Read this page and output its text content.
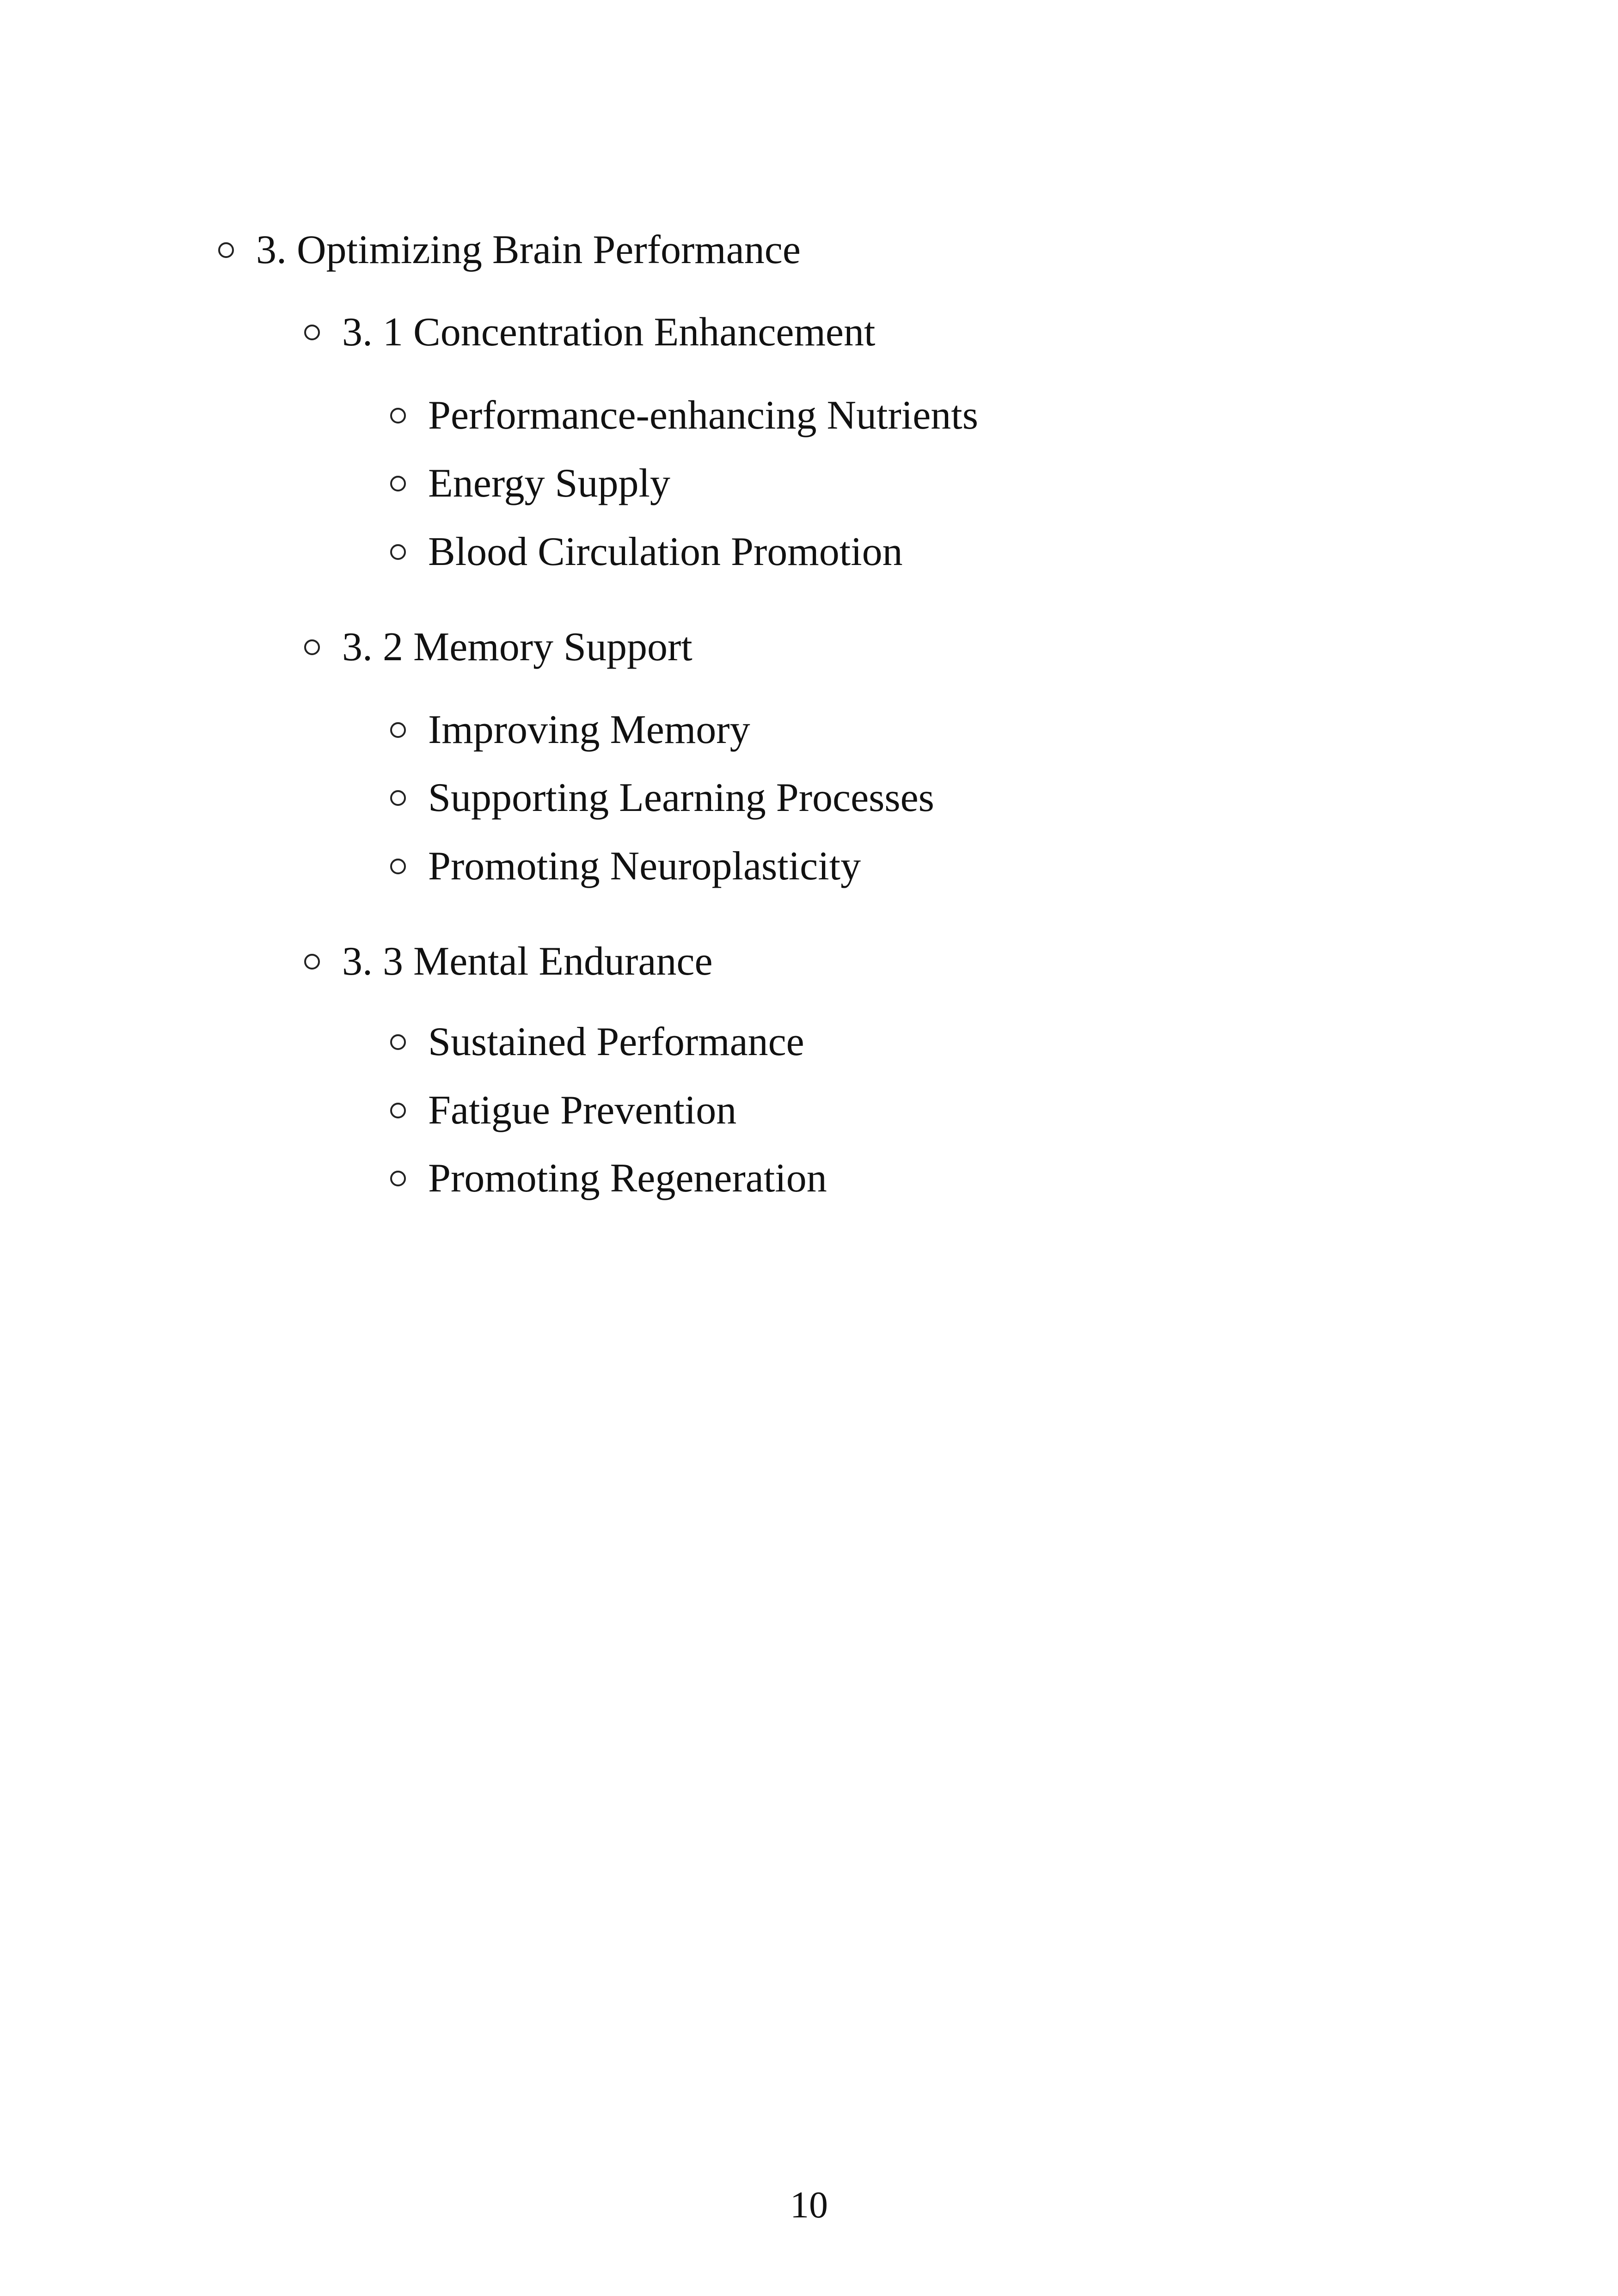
3. Optimizing Brain Performance
3. 1 Concentration Enhancement
Performance-enhancing Nutrients
Energy Supply
Blood Circulation Promotion
3. 2 Memory Support
Improving Memory
Supporting Learning Processes
Promoting Neuroplasticity
3. 3 Mental Endurance
Sustained Performance
Fatigue Prevention
Promoting Regeneration
10
